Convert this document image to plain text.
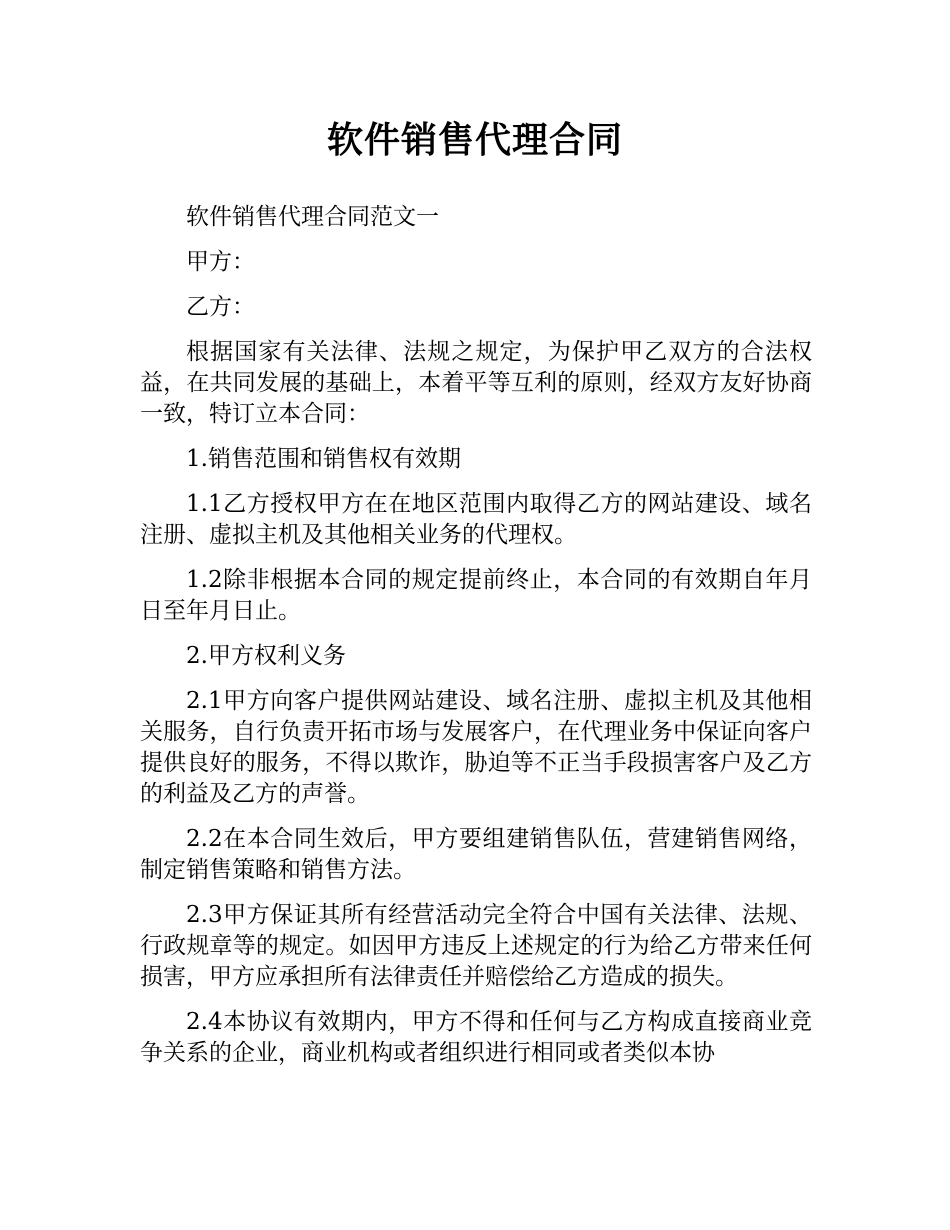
软件销售代理合同

软件销售代理合同范文一

甲方：

乙方：

根据国家有关法律、法规之规定，为保护甲乙双方的合法权益，在共同发展的基础上，本着平等互利的原则，经双方友好协商一致，特订立本合同：

1.销售范围和销售权有效期

1.1乙方授权甲方在在地区范围内取得乙方的网站建设、域名注册、虚拟主机及其他相关业务的代理权。

1.2除非根据本合同的规定提前终止，本合同的有效期自年月日至年月日止。

2.甲方权利义务

2.1甲方向客户提供网站建设、域名注册、虚拟主机及其他相关服务，自行负责开拓市场与发展客户，在代理业务中保证向客户提供良好的服务，不得以欺诈，胁迫等不正当手段损害客户及乙方的利益及乙方的声誉。

2.2在本合同生效后，甲方要组建销售队伍，营建销售网络，制定销售策略和销售方法。

2.3甲方保证其所有经营活动完全符合中国有关法律、法规、行政规章等的规定。如因甲方违反上述规定的行为给乙方带来任何损害，甲方应承担所有法律责任并赔偿给乙方造成的损失。

2.4本协议有效期内，甲方不得和任何与乙方构成直接商业竞争关系的企业，商业机构或者组织进行相同或者类似本协
